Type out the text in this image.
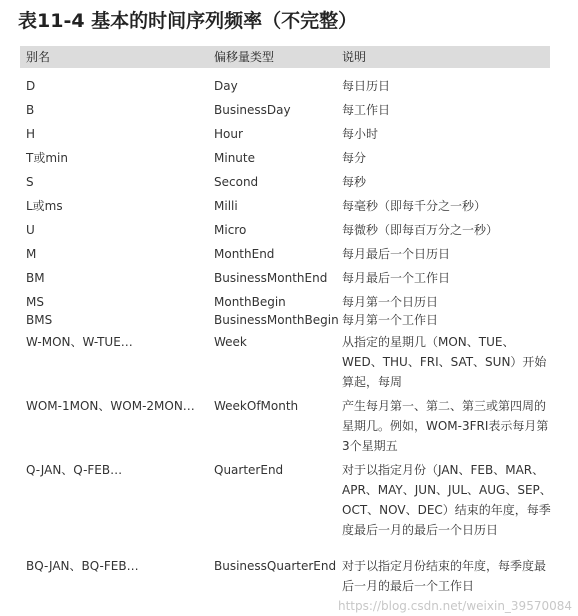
表11-4 基本的时间序列频率（不完整）
别名	偏移量类型	说明
D	Day	每日历日
B	BusinessDay	每工作日
H	Hour	每小时
T或min	Minute	每分
S	Second	每秒
L或ms	Milli	每毫秒（即每千分之一秒）
U	Micro	每微秒（即每百万分之一秒）
M	MonthEnd	每月最后一个日历日
BM	BusinessMonthEnd	每月最后一个工作日
MS	MonthBegin	每月第一个日历日
BMS	BusinessMonthBegin 每月第一个工作日
W-MON、W-TUE…	Week	从指定的星期几（MON、TUE、WED、THU、FRI、SAT、SUN）开始算起，每周
WOM-1MON、WOM-2MON…	WeekOfMonth	产生每月第一、第二、第三或第四周的星期几。例如，WOM-3FRI表示每月第3个星期五
Q-JAN、Q-FEB…	QuarterEnd	对于以指定月份（JAN、FEB、MAR、APR、MAY、JUN、JUL、AUG、SEP、OCT、NOV、DEC）结束的年度，每季度最后一月的最后一个日历日
BQ-JAN、BQ-FEB…	BusinessQuarterEnd 对于以指定月份结束的年度，每季度最后一月的最后一个工作日
https://blog.csdn.net/weixin_39570084
